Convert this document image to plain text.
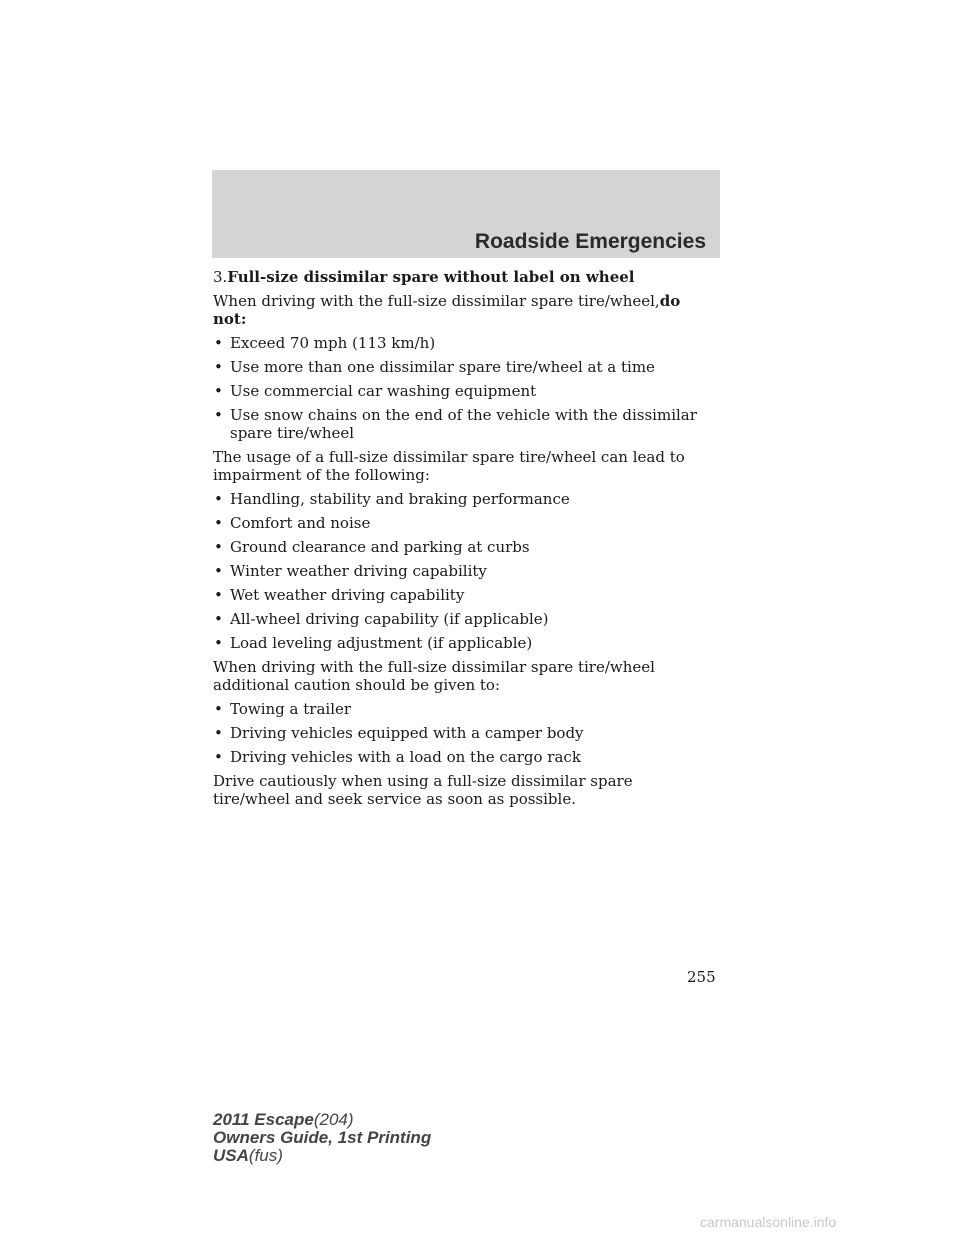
Roadside Emergencies

3.Full-size dissimilar spare without label on wheel

When driving with the full-size dissimilar spare tire/wheel,do not:

• Exceed 70 mph (113 km/h)
• Use more than one dissimilar spare tire/wheel at a time
• Use commercial car washing equipment
• Use snow chains on the end of the vehicle with the dissimilar spare tire/wheel

The usage of a full-size dissimilar spare tire/wheel can lead to impairment of the following:

• Handling, stability and braking performance
• Comfort and noise
• Ground clearance and parking at curbs
• Winter weather driving capability
• Wet weather driving capability
• All-wheel driving capability (if applicable)
• Load leveling adjustment (if applicable)

When driving with the full-size dissimilar spare tire/wheel additional caution should be given to:

• Towing a trailer
• Driving vehicles equipped with a camper body
• Driving vehicles with a load on the cargo rack

Drive cautiously when using a full-size dissimilar spare tire/wheel and seek service as soon as possible.

255
2011 Escape(204)
Owners Guide, 1st Printing
USA(fus)
carmanualsonline.info
